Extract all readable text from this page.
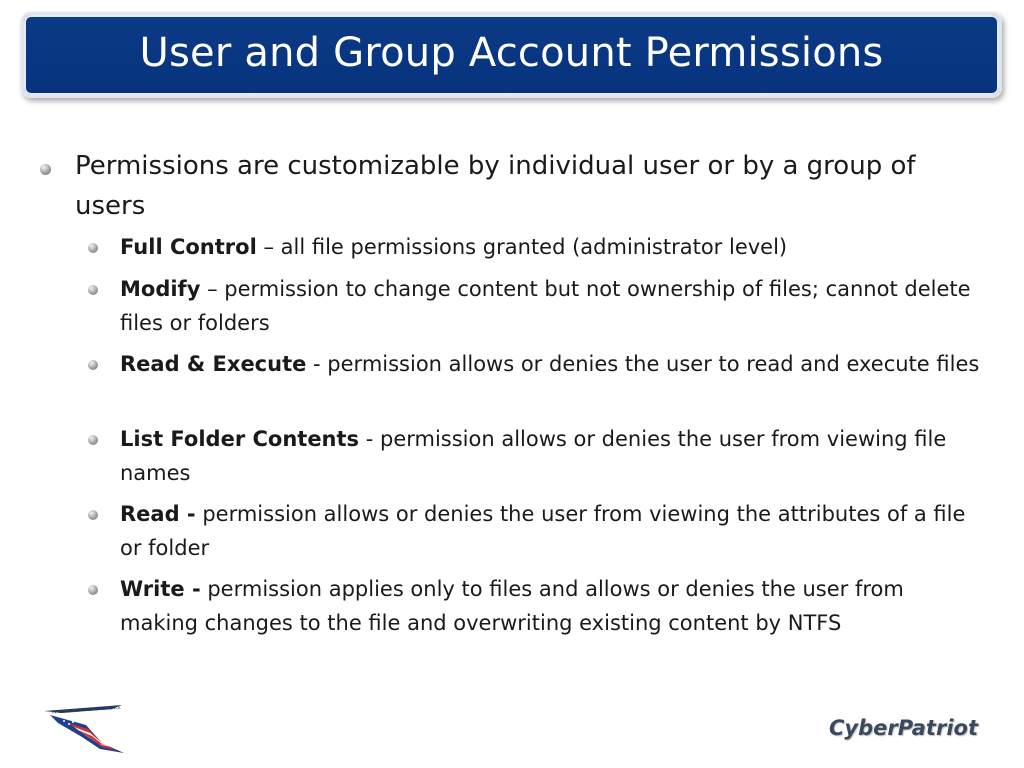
User and Group Account Permissions
Permissions are customizable by individual user or by a group of users
Full Control – all file permissions granted (administrator level)
Modify – permission to change content but not ownership of files; cannot delete files or folders
Read & Execute - permission allows or denies the user to read and execute files
List Folder Contents - permission allows or denies the user from viewing file names
Read - permission allows or denies the user from viewing the attributes of a file or folder
Write - permission applies only to files and allows or denies the user from making changes to the file and overwriting existing content by NTFS
INTEGRITY, SERVICE, EXCELLENCE
CyberPatriot
